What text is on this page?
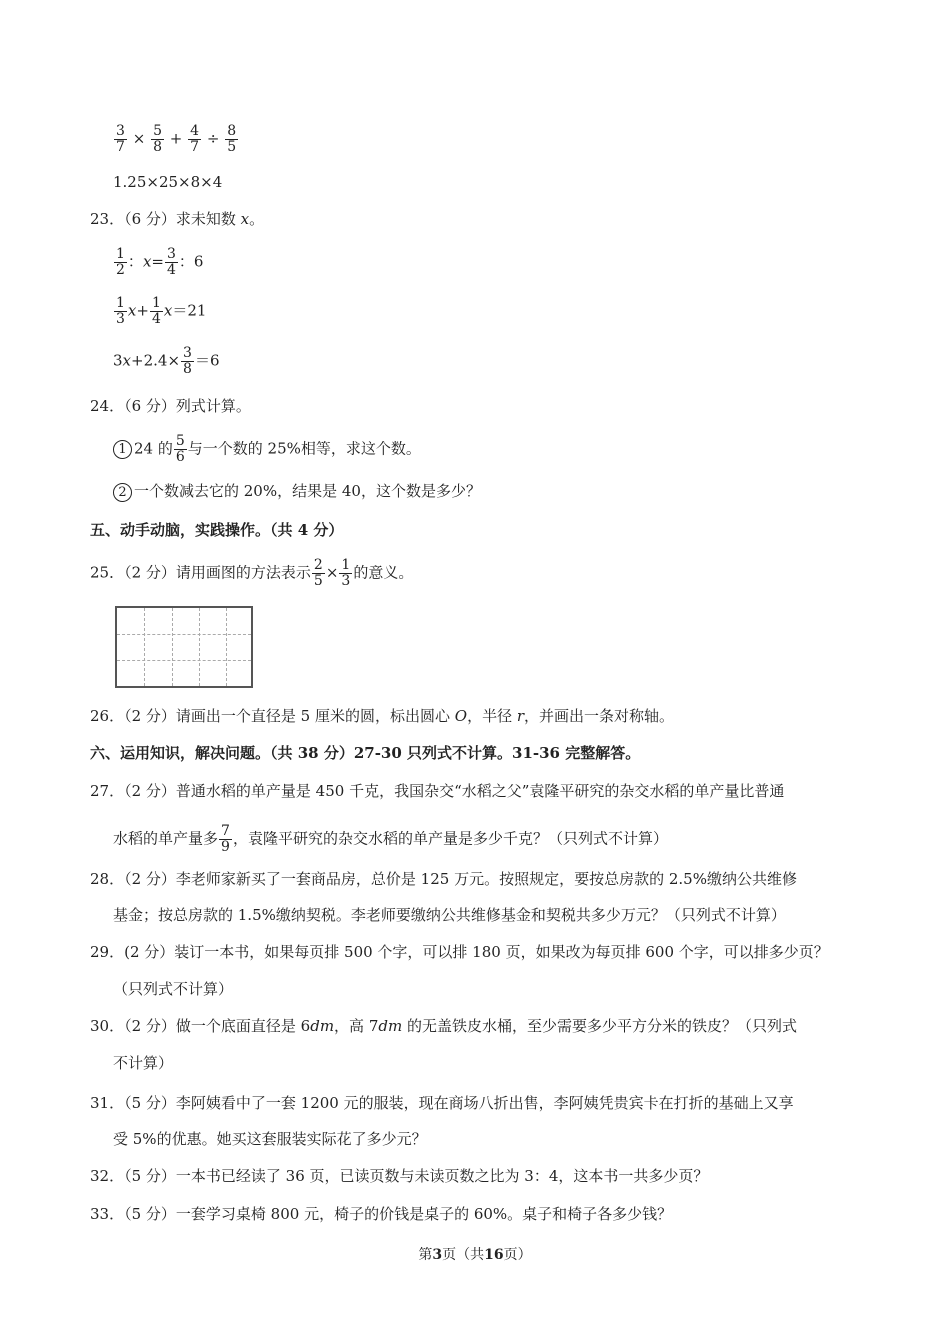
$\frac{3}{7} \times \frac{5}{8} + \frac{4}{7} \div \frac{8}{5}$
1.25×25×8×4
23．（6 分）求未知数 x。
$\frac{1}{2}$ ：$x= \frac{3}{4}$ ：6
$\frac{1}{3} x+ \frac{1}{4} x=21$
$3x+2.4\times \frac{3}{8} =6$
24．（6 分）列式计算。
1 24 的 $\frac{5}{6}$ 与一个数的 25%相等，求这个数。
2 一个数减去它的 20%，结果是 40，这个数是多少？
五、动手动脑，实践操作。（共 4 分）
25．（2 分）请用画图的方法表示 $\frac{2}{5} \times \frac{1}{3}$ 的意义。
26．（2 分）请画出一个直径是 5 厘米的圆，标出圆心 O，半径 r，并画出一条对称轴。
六、运用知识，解决问题。（共 38 分）27-30 只列式不计算。31-36 完整解答。
27．（2 分）普通水稻的单产量是 450 千克，我国杂交“水稻之父”袁隆平研究的杂交水稻的单产量比普通
水稻的单产量多 $\frac{7}{9}$ ，袁隆平研究的杂交水稻的单产量是多少千克？（只列式不计算）
28．（2 分）李老师家新买了一套商品房，总价是 125 万元。按照规定，要按总房款的 2.5%缴纳公共维修
基金；按总房款的 1.5%缴纳契税。李老师要缴纳公共维修基金和契税共多少万元？（只列式不计算）
29．(2 分）装订一本书，如果每页排 500 个字，可以排 180 页，如果改为每页排 600 个字，可以排多少页？
（只列式不计算）
30．（2 分）做一个底面直径是 6dm，高 7dm 的无盖铁皮水桶，至少需要多少平方分米的铁皮？（只列式
不计算）
31．（5 分）李阿姨看中了一套 1200 元的服装，现在商场八折出售，李阿姨凭贵宾卡在打折的基础上又享
受 5%的优惠。她买这套服装实际花了多少元？
32．（5 分）一本书已经读了 36 页，已读页数与未读页数之比为 3：4，这本书一共多少页？
33．（5 分）一套学习桌椅 800 元，椅子的价钱是桌子的 60%。桌子和椅子各多少钱？
第3页（共16页）
